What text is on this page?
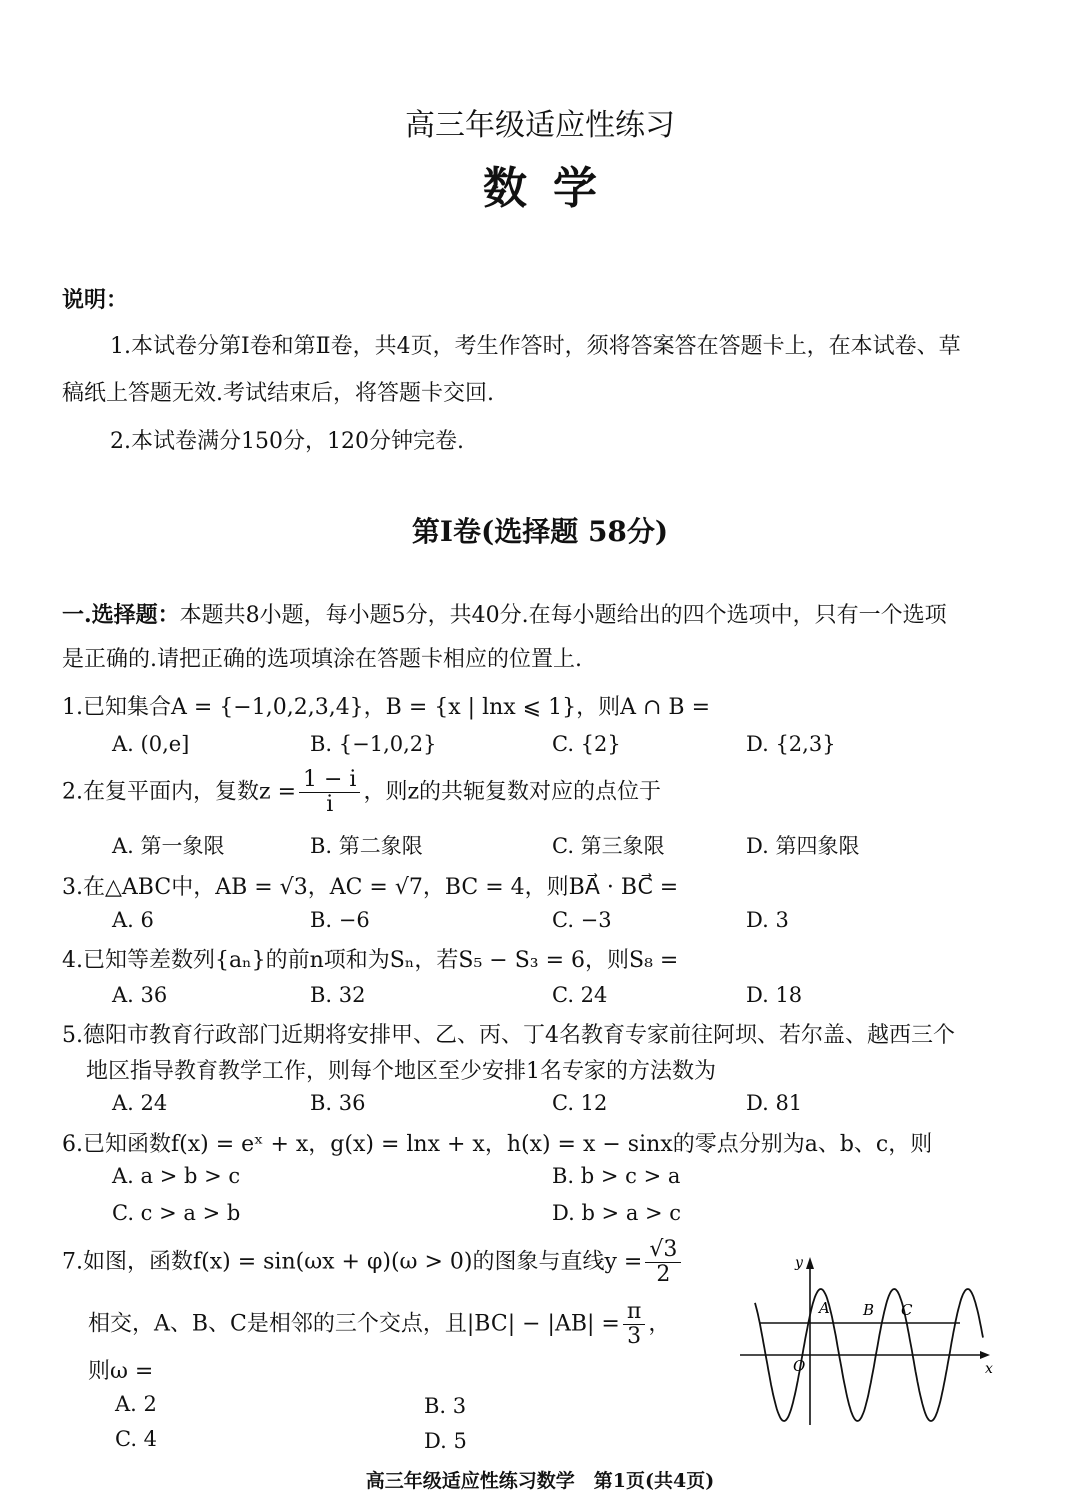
高三年级适应性练习
数学
说明：
1.本试卷分第Ⅰ卷和第Ⅱ卷，共4页，考生作答时，须将答案答在答题卡上，在本试卷、草
稿纸上答题无效.考试结束后，将答题卡交回.
2.本试卷满分150分，120分钟完卷.
第Ⅰ卷(选择题 58分)
一.选择题：本题共8小题，每小题5分，共40分.在每小题给出的四个选项中，只有一个选项
是正确的.请把正确的选项填涂在答题卡相应的位置上.
1.已知集合A = {−1,0,2,3,4}，B = {x | lnx ⩽ 1}，则A ∩ B =
A. (0,e]	B. {−1,0,2}	C. {2}	D. {2,3}
2.在复平面内，复数$z = \frac{1 - i}{i}$ ，则z的共轭复数对应的点位于
A. 第一象限	B. 第二象限	C. 第三象限	D. 第四象限
3.在△ABC中，AB = √3，AC = √7，BC = 4，则BA⃗ · BC⃗ =
A. 6	B. −6	C. −3	D. 3
4.已知等差数列{aₙ}的前n项和为Sₙ，若S₅ − S₃ = 6，则S₈ =
A. 36	B. 32	C. 24	D. 18
5.德阳市教育行政部门近期将安排甲、乙、丙、丁4名教育专家前往阿坝、若尔盖、越西三个
地区指导教育教学工作，则每个地区至少安排1名专家的方法数为
A. 24	B. 36	C. 12	D. 81
6.已知函数f(x) = eˣ + x，g(x) = lnx + x，h(x) = x − sinx的零点分别为a、b、c，则
A. a > b > c	B. b > c > a
C. c > a > b	D. b > a > c
7.如图，函数f(x) = sin(ωx + φ)(ω > 0)的图象与直线$y = \frac{√3}{2}$
相交，A、B、C是相邻的三个交点，且$|BC| - |AB| = \frac{\pi}{3}$ ，
则ω =
A. 2	B. 3
C. 4	D. 5
y
x
O
A B C
高三年级适应性练习数学　第1页(共4页)
